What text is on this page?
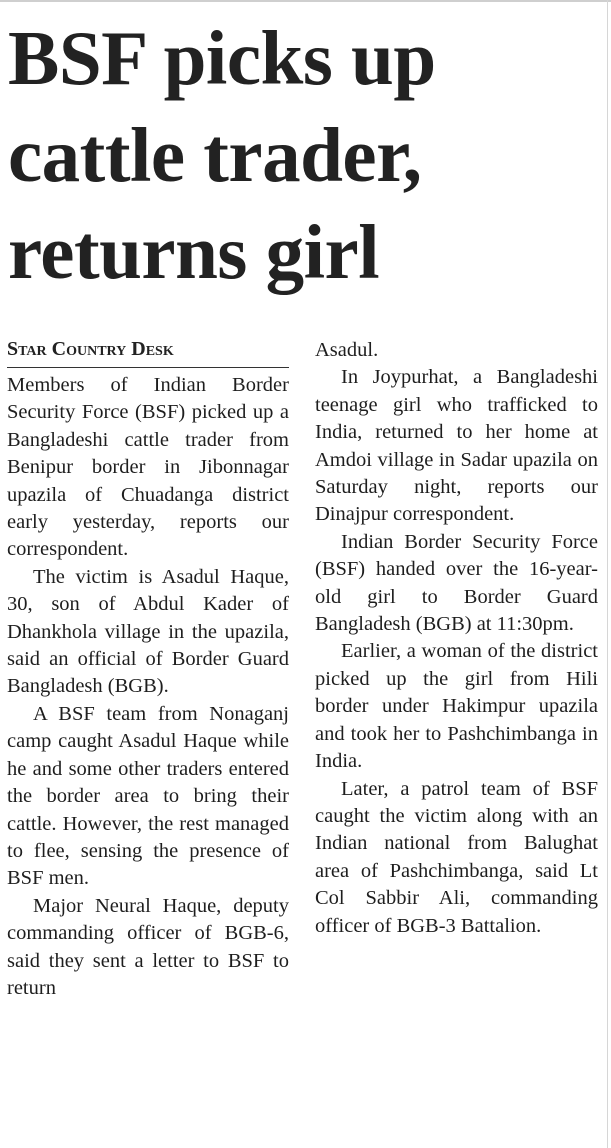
BSF picks up cattle trader, returns girl
Star Country Desk

Members of Indian Border Security Force (BSF) picked up a Bangladeshi cattle trader from Benipur border in Jibonnagar upazila of Chuadanga district early yesterday, reports our correspondent.

The victim is Asadul Haque, 30, son of Abdul Kader of Dhankhola village in the upazila, said an official of Border Guard Bangladesh (BGB).

A BSF team from Nonaganj camp caught Asadul Haque while he and some other traders entered the border area to bring their cattle. However, the rest managed to flee, sensing the presence of BSF men.

Major Neural Haque, deputy commanding officer of BGB-6, said they sent a letter to BSF to return

Asadul.

In Joypurhat, a Bangladeshi teenage girl who trafficked to India, returned to her home at Amdoi village in Sadar upazila on Saturday night, reports our Dinajpur correspondent.

Indian Border Security Force (BSF) handed over the 16-year-old girl to Border Guard Bangladesh (BGB) at 11:30pm.

Earlier, a woman of the district picked up the girl from Hili border under Hakimpur upazila and took her to Pashchimbanga in India.

Later, a patrol team of BSF caught the victim along with an Indian national from Balughat area of Pashchimbanga, said Lt Col Sabbir Ali, commanding officer of BGB-3 Battalion.
